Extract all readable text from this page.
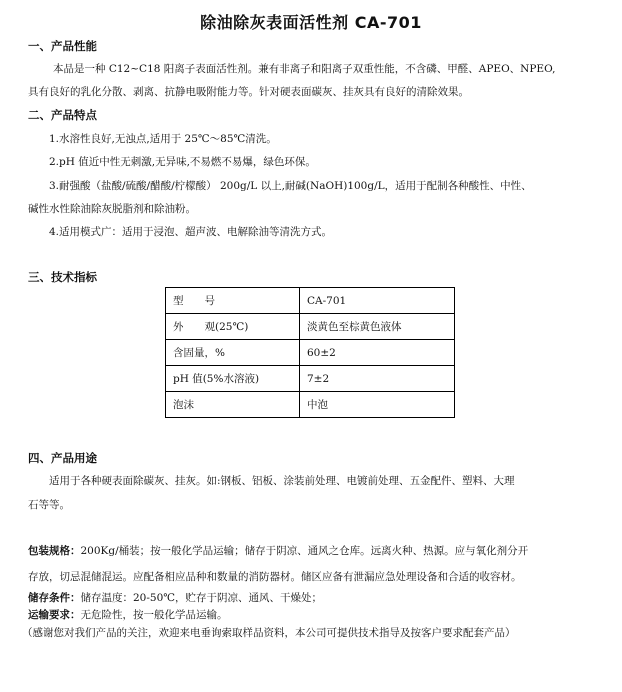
除油除灰表面活性剂 CA-701
一、产品性能
本品是一种 C12~C18 阳离子表面活性剂。兼有非离子和阳离子双重性能，不含磷、甲醛、APEO、NPEO,
具有良好的乳化分散、剥离、抗静电吸附能力等。针对硬表面碳灰、挂灰具有良好的清除效果。
二、产品特点
1.水溶性良好,无浊点,适用于 25℃～85℃清洗。
2.pH 值近中性无刺激,无异味,不易燃不易爆，绿色环保。
3.耐强酸（盐酸/硫酸/醋酸/柠檬酸） 200g/L 以上,耐碱(NaOH)100g/L，适用于配制各种酸性、中性、
碱性水性除油除灰脱脂剂和除油粉。
4.适用模式广：适用于浸泡、超声波、电解除油等清洗方式。
三、技术指标
型　　号	CA-701
外　　观(25℃)	淡黄色至棕黄色液体
含固量，%	60±2
pH 值(5%水溶液)	7±2
泡沫	中泡
四、产品用途
适用于各种硬表面除碳灰、挂灰。如:钢板、铝板、涂装前处理、电镀前处理、五金配件、塑料、大理
石等等。
包装规格：200Kg/桶装；按一般化学品运输；储存于阴凉、通风之仓库。远离火种、热源。应与氧化剂分开
存放，切忌混储混运。应配备相应品种和数量的消防器材。储区应备有泄漏应急处理设备和合适的收容材。
储存条件：储存温度：20-50℃，贮存于阴凉、通风、干燥处；
运输要求：无危险性，按一般化学品运输。
（感谢您对我们产品的关注，欢迎来电垂询索取样品资料，本公司可提供技术指导及按客户要求配套产品）
